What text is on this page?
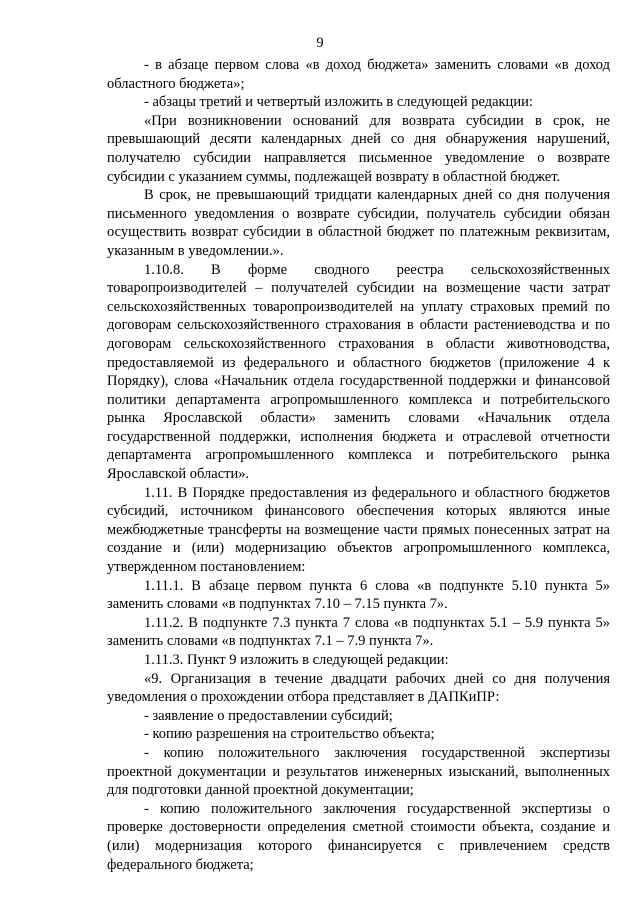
9

- в абзаце первом слова «в доход бюджета» заменить словами «в доход областного бюджета»;

- абзацы третий и четвертый изложить в следующей редакции:

«При возникновении оснований для возврата субсидии в срок, не превышающий десяти календарных дней со дня обнаружения нарушений, получателю субсидии направляется письменное уведомление о возврате субсидии с указанием суммы, подлежащей возврату в областной бюджет.

В срок, не превышающий тридцати календарных дней со дня получения письменного уведомления о возврате субсидии, получатель субсидии обязан осуществить возврат субсидии в областной бюджет по платежным реквизитам, указанным в уведомлении.».

1.10.8. В форме сводного реестра сельскохозяйственных товаропроизводителей – получателей субсидии на возмещение части затрат сельскохозяйственных товаропроизводителей на уплату страховых премий по договорам сельскохозяйственного страхования в области растениеводства и по договорам сельскохозяйственного страхования в области животноводства, предоставляемой из федерального и областного бюджетов (приложение 4 к Порядку), слова «Начальник отдела государственной поддержки и финансовой политики департамента агропромышленного комплекса и потребительского рынка Ярославской области» заменить словами «Начальник отдела государственной поддержки, исполнения бюджета и отраслевой отчетности департамента агропромышленного комплекса и потребительского рынка Ярославской области».

1.11. В Порядке предоставления из федерального и областного бюджетов субсидий, источником финансового обеспечения которых являются иные межбюджетные трансферты на возмещение части прямых понесенных затрат на создание и (или) модернизацию объектов агропромышленного комплекса, утвержденном постановлением:

1.11.1. В абзаце первом пункта 6 слова «в подпункте 5.10 пункта 5» заменить словами «в подпунктах 7.10 – 7.15 пункта 7».

1.11.2. В подпункте 7.3 пункта 7 слова «в подпунктах 5.1 – 5.9 пункта 5» заменить словами «в подпунктах 7.1 – 7.9 пункта 7».

1.11.3. Пункт 9 изложить в следующей редакции:

«9. Организация в течение двадцати рабочих дней со дня получения уведомления о прохождении отбора представляет в ДАПКиПР:

- заявление о предоставлении субсидий;

- копию разрешения на строительство объекта;

- копию положительного заключения государственной экспертизы проектной документации и результатов инженерных изысканий, выполненных для подготовки данной проектной документации;

- копию положительного заключения государственной экспертизы о проверке достоверности определения сметной стоимости объекта, создание и (или) модернизация которого финансируется с привлечением средств федерального бюджета;
